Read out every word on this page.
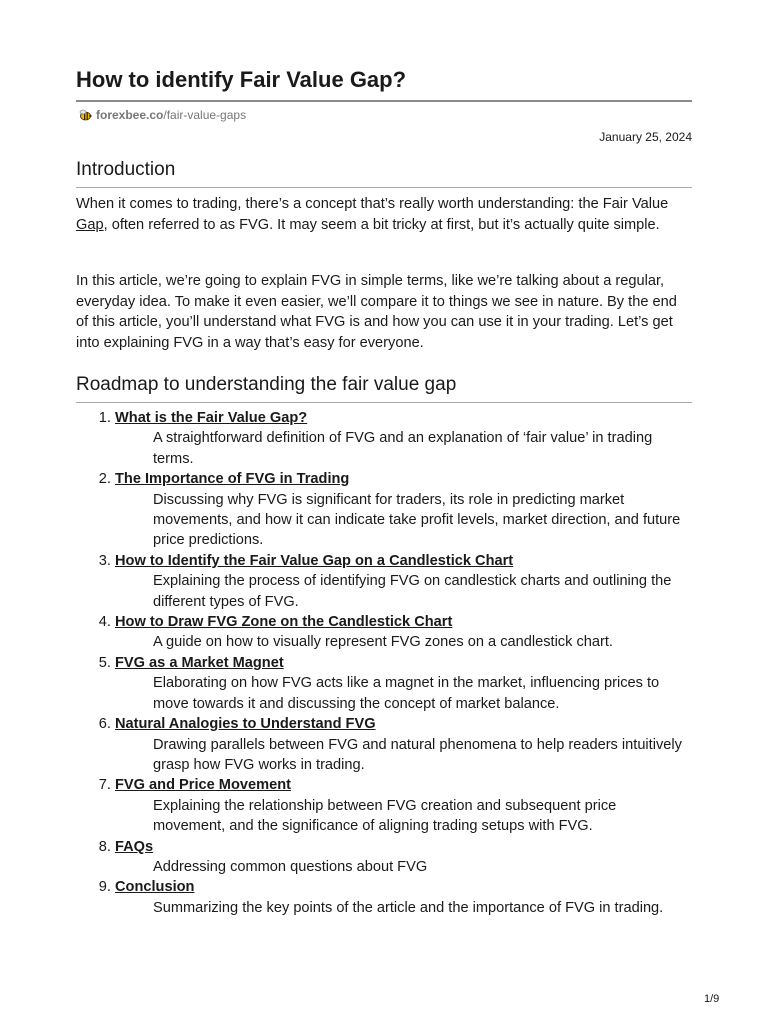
How to identify Fair Value Gap?
forexbee.co /fair-value-gaps
January 25, 2024
Introduction

When it comes to trading, there’s a concept that’s really worth understanding: the Fair Value Gap, often referred to as FVG. It may seem a bit tricky at first, but it’s actually quite simple.

In this article, we’re going to explain FVG in simple terms, like we’re talking about a regular, everyday idea. To make it even easier, we’ll compare it to things we see in nature. By the end of this article, you’ll understand what FVG is and how you can use it in your trading. Let’s get into explaining FVG in a way that’s easy for everyone.

Roadmap to understanding the fair value gap
1. What is the Fair Value Gap?
A straightforward definition of FVG and an explanation of ‘fair value’ in trading terms.
2. The Importance of FVG in Trading
Discussing why FVG is significant for traders, its role in predicting market movements, and how it can indicate take profit levels, market direction, and future price predictions.
3. How to Identify the Fair Value Gap on a Candlestick Chart
Explaining the process of identifying FVG on candlestick charts and outlining the different types of FVG.
4. How to Draw FVG Zone on the Candlestick Chart
A guide on how to visually represent FVG zones on a candlestick chart.
5. FVG as a Market Magnet
Elaborating on how FVG acts like a magnet in the market, influencing prices to move towards it and discussing the concept of market balance.
6. Natural Analogies to Understand FVG
Drawing parallels between FVG and natural phenomena to help readers intuitively grasp how FVG works in trading.
7. FVG and Price Movement
Explaining the relationship between FVG creation and subsequent price movement, and the significance of aligning trading setups with FVG.
8. FAQs
Addressing common questions about FVG
9. Conclusion
Summarizing the key points of the article and the importance of FVG in trading.
1/9
